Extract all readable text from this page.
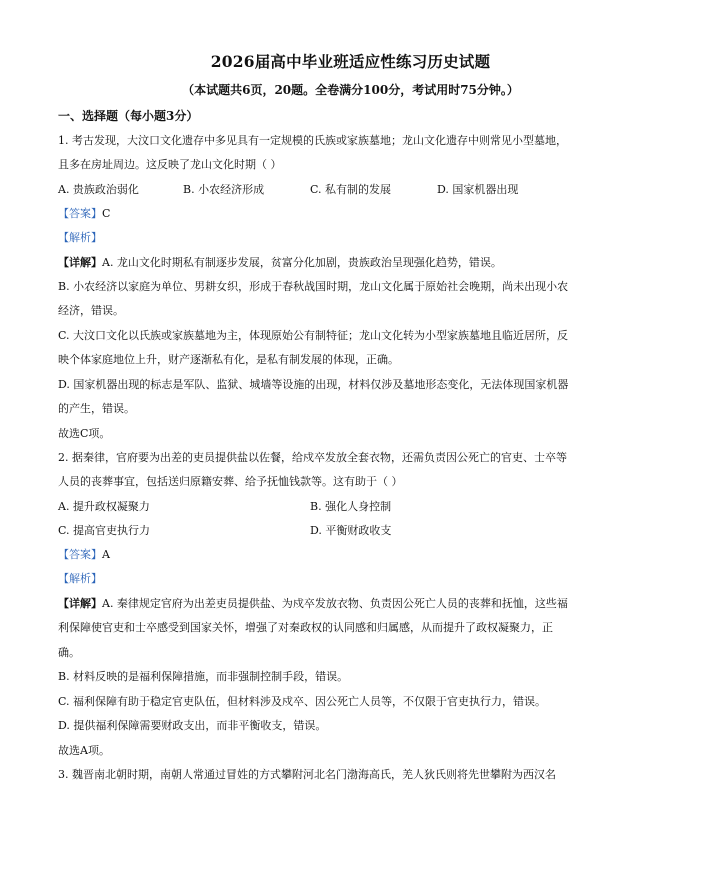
2026届高中毕业班适应性练习历史试题
（本试题共6页，20题。全卷满分100分，考试用时75分钟。）
一、选择题（每小题3分）
1. 考古发现，大汶口文化遗存中多见具有一定规模的氏族或家族墓地；龙山文化遗存中则常见小型墓地，
且多在房址周边。这反映了龙山文化时期（ ）
A. 贵族政治弱化	B. 小农经济形成	C. 私有制的发展	D. 国家机器出现
【答案】C
【解析】
【详解】A. 龙山文化时期私有制逐步发展，贫富分化加剧，贵族政治呈现强化趋势，错误。
B. 小农经济以家庭为单位、男耕女织，形成于春秋战国时期，龙山文化属于原始社会晚期，尚未出现小农
经济，错误。
C. 大汶口文化以氏族或家族墓地为主，体现原始公有制特征；龙山文化转为小型家族墓地且临近居所，反
映个体家庭地位上升，财产逐渐私有化，是私有制发展的体现，正确。
D. 国家机器出现的标志是军队、监狱、城墙等设施的出现，材料仅涉及墓地形态变化，无法体现国家机器
的产生，错误。
故选C项。
2. 据秦律，官府要为出差的吏员提供盐以佐餐，给戍卒发放全套衣物，还需负责因公死亡的官吏、士卒等
人员的丧葬事宜，包括送归原籍安葬、给予抚恤钱款等。这有助于（ ）
A. 提升政权凝聚力	B. 强化人身控制
C. 提高官吏执行力	D. 平衡财政收支
【答案】A
【解析】
【详解】A. 秦律规定官府为出差吏员提供盐、为戍卒发放衣物、负责因公死亡人员的丧葬和抚恤，这些福
利保障使官吏和士卒感受到国家关怀，增强了对秦政权的认同感和归属感，从而提升了政权凝聚力，正
确。
B. 材料反映的是福利保障措施，而非强制控制手段，错误。
C. 福利保障有助于稳定官吏队伍，但材料涉及戍卒、因公死亡人员等，不仅限于官吏执行力，错误。
D. 提供福利保障需要财政支出，而非平衡收支，错误。
故选A项。
3. 魏晋南北朝时期，南朝人常通过冒姓的方式攀附河北名门渤海高氏，羌人狄氏则将先世攀附为西汉名
